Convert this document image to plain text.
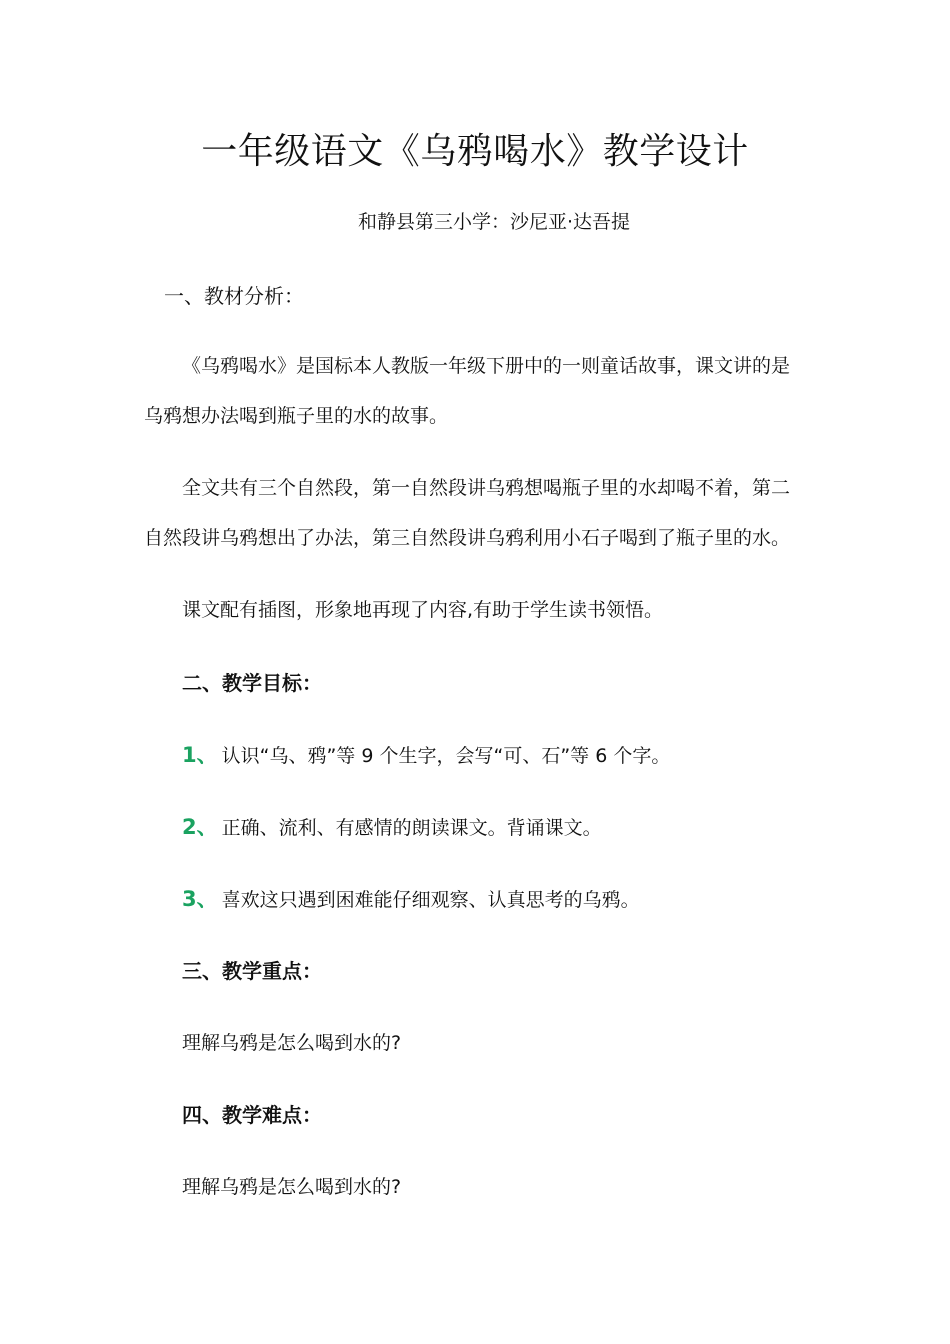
一年级语文《乌鸦喝水》教学设计
和静县第三小学：沙尼亚·达吾提
一、教材分析：
《乌鸦喝水》是国标本人教版一年级下册中的一则童话故事，课文讲的是
乌鸦想办法喝到瓶子里的水的故事。
全文共有三个自然段，第一自然段讲乌鸦想喝瓶子里的水却喝不着，第二
自然段讲乌鸦想出了办法，第三自然段讲乌鸦利用小石子喝到了瓶子里的水。
课文配有插图，形象地再现了内容,有助于学生读书领悟。
二、教学目标：
1、 认识“乌、鸦”等 9 个生字，会写“可、石”等 6 个字。
2、 正确、流利、有感情的朗读课文。背诵课文。
3、 喜欢这只遇到困难能仔细观察、认真思考的乌鸦。
三、教学重点：
理解乌鸦是怎么喝到水的?
四、教学难点：
理解乌鸦是怎么喝到水的?
